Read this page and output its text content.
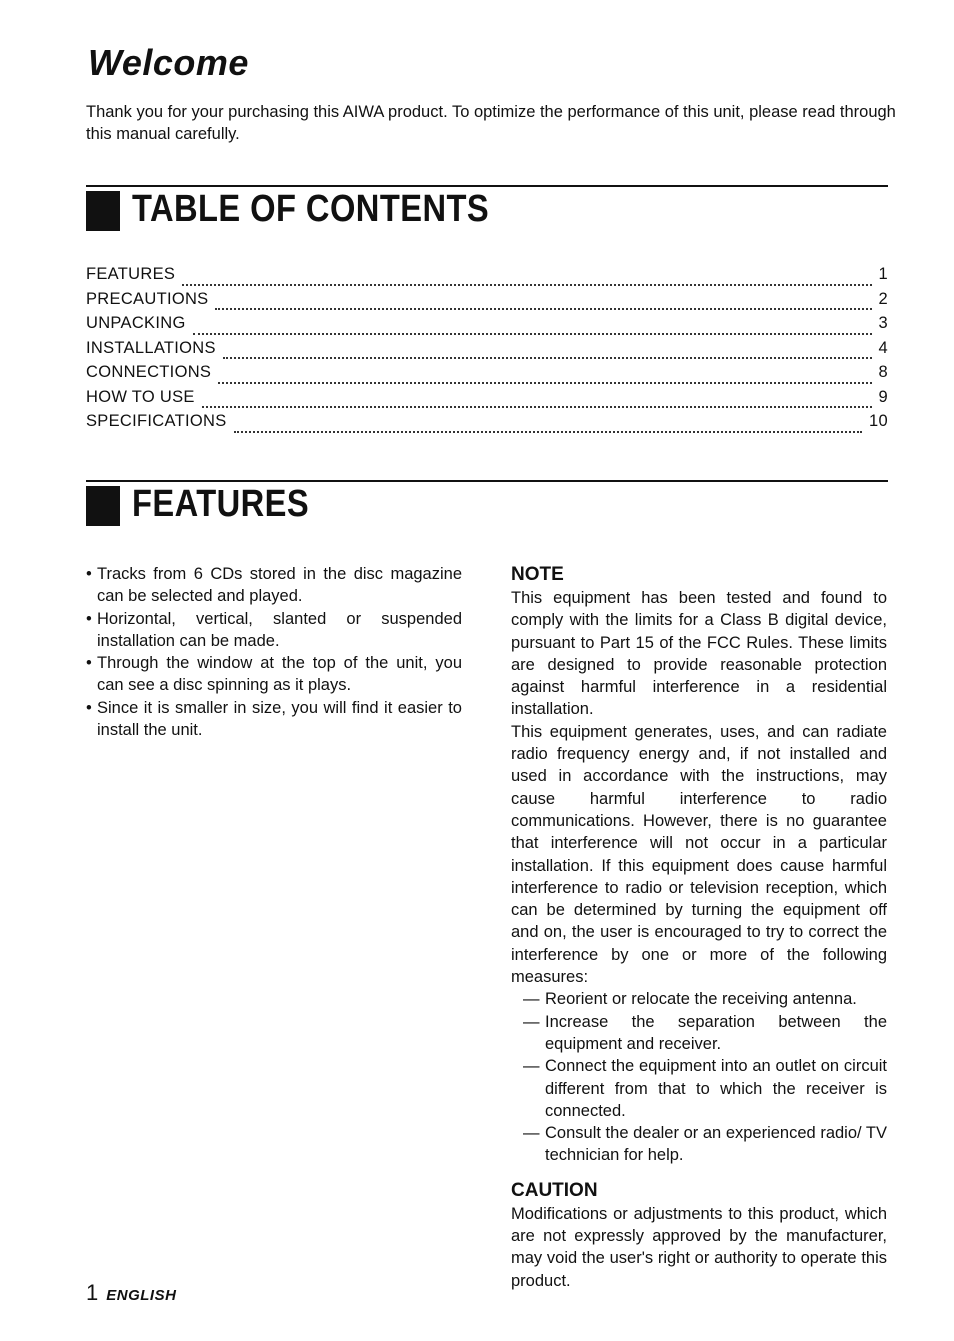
Welcome

Thank you for your purchasing this AIWA product. To optimize the performance of this unit, please read through this manual carefully.

TABLE OF CONTENTS
FEATURES	1
PRECAUTIONS	2
UNPACKING	3
INSTALLATIONS	4
CONNECTIONS	8
HOW TO USE	9
SPECIFICATIONS	10
FEATURES
• Tracks from 6 CDs stored in the disc magazine can be selected and played.
• Horizontal, vertical, slanted or suspended installation can be made.
• Through the window at the top of the unit, you can see a disc spinning as it plays.
• Since it is smaller in size, you will find it easier to install the unit.
NOTE

This equipment has been tested and found to comply with the limits for a Class B digital device, pursuant to Part 15 of the FCC Rules. These limits are designed to provide reasonable protection against harmful interference in a residential installation.

This equipment generates, uses, and can radiate radio frequency energy and, if not installed and used in accordance with the instructions, may cause harmful interference to radio communications. However, there is no guarantee that interference will not occur in a particular installation. If this equipment does cause harmful interference to radio or television reception, which can be determined by turning the equipment off and on, the user is encouraged to try to correct the interference by one or more of the following measures:

— Reorient or relocate the receiving antenna.
— Increase the separation between the equipment and receiver.
— Connect the equipment into an outlet on circuit different from that to which the receiver is connected.
— Consult the dealer or an experienced radio/ TV technician for help.
CAUTION

Modifications or adjustments to this product, which are not expressly approved by the manufacturer, may void the user's right or authority to operate this product.

1 ENGLISH
